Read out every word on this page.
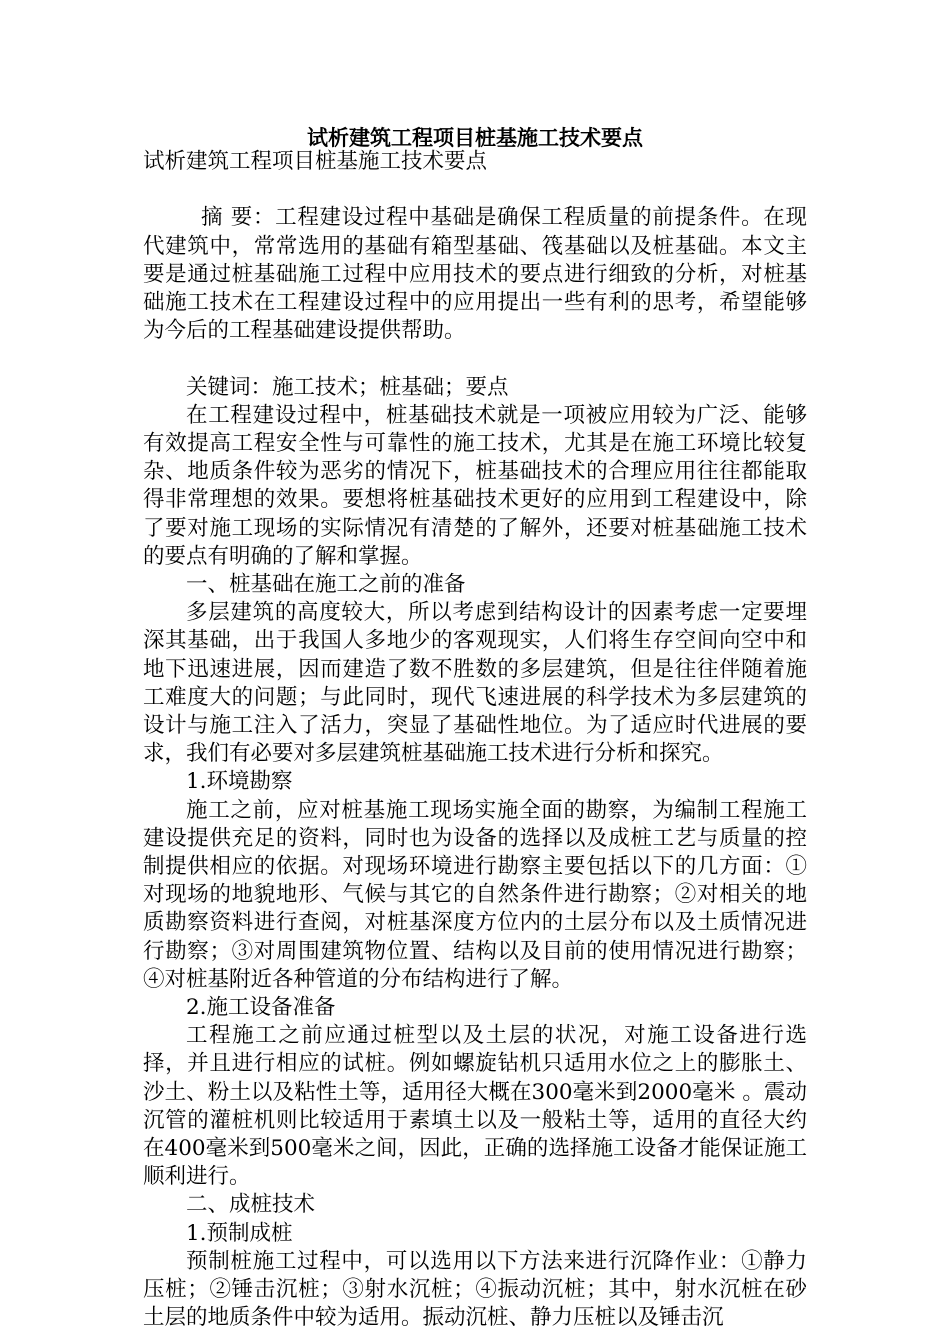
试析建筑工程项目桩基施工技术要点

试析建筑工程项目桩基施工技术要点

摘 要：工程建设过程中基础是确保工程质量的前提条件。在现代建筑中，常常选用的基础有箱型基础、筏基础以及桩基础。本文主要是通过桩基础施工过程中应用技术的要点进行细致的分析，对桩基础施工技术在工程建设过程中的应用提出一些有利的思考，希望能够为今后的工程基础建设提供帮助。

关键词：施工技术；桩基础；要点

在工程建设过程中，桩基础技术就是一项被应用较为广泛、能够有效提高工程安全性与可靠性的施工技术，尤其是在施工环境比较复杂、地质条件较为恶劣的情况下，桩基础技术的合理应用往往都能取得非常理想的效果。要想将桩基础技术更好的应用到工程建设中，除了要对施工现场的实际情况有清楚的了解外，还要对桩基础施工技术的要点有明确的了解和掌握。

一、桩基础在施工之前的准备

多层建筑的高度较大，所以考虑到结构设计的因素考虑一定要埋深其基础，出于我国人多地少的客观现实，人们将生存空间向空中和地下迅速进展，因而建造了数不胜数的多层建筑，但是往往伴随着施工难度大的问题；与此同时，现代飞速进展的科学技术为多层建筑的设计与施工注入了活力，突显了基础性地位。为了适应时代进展的要求，我们有必要对多层建筑桩基础施工技术进行分析和探究。

1.环境勘察

施工之前，应对桩基施工现场实施全面的勘察，为编制工程施工建设提供充足的资料，同时也为设备的选择以及成桩工艺与质量的控制提供相应的依据。对现场环境进行勘察主要包括以下的几方面：①对现场的地貌地形、气候与其它的自然条件进行勘察；②对相关的地质勘察资料进行查阅，对桩基深度方位内的土层分布以及土质情况进行勘察；③对周围建筑物位置、结构以及目前的使用情况进行勘察；④对桩基附近各种管道的分布结构进行了解。

2.施工设备准备

工程施工之前应通过桩型以及土层的状况，对施工设备进行选择，并且进行相应的试桩。例如螺旋钻机只适用水位之上的膨胀土、沙土、粉土以及粘性土等，适用径大概在300毫米到2000毫米 。震动沉管的灌桩机则比较适用于素填土以及一般粘土等，适用的直径大约在400毫米到500毫米之间，因此，正确的选择施工设备才能保证施工顺利进行。

二、成桩技术

1.预制成桩

预制桩施工过程中，可以选用以下方法来进行沉降作业：①静力压桩；②锤击沉桩；③射水沉桩；④振动沉桩；其中，射水沉桩在砂土层的地质条件中较为适用。振动沉桩、静力压桩以及锤击沉
